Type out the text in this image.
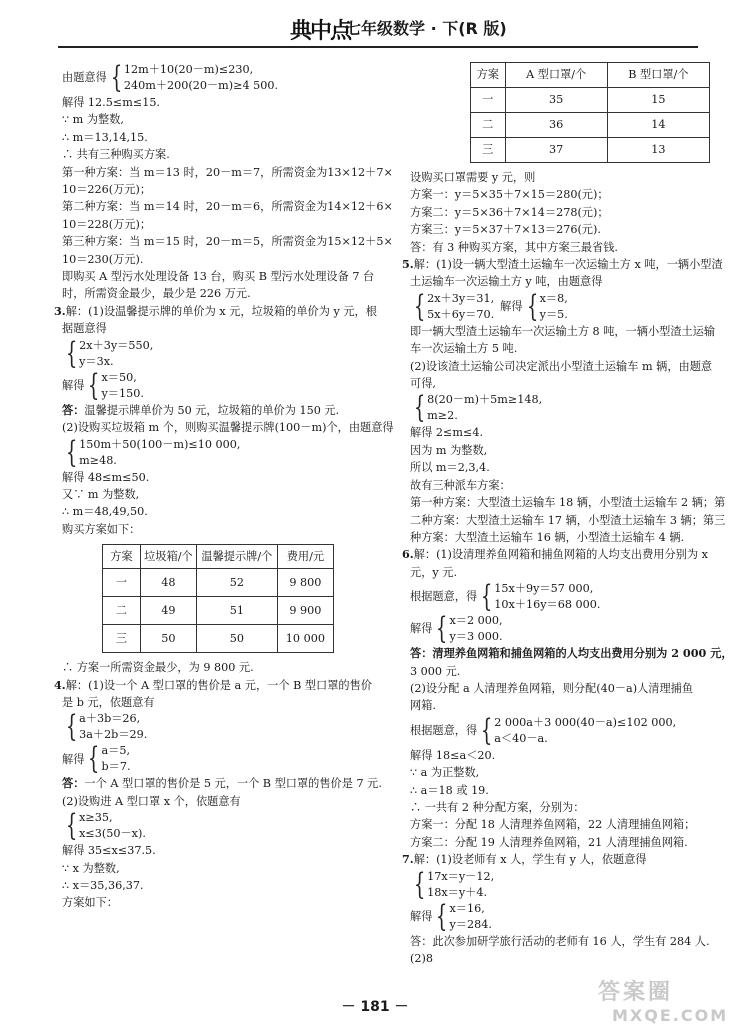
典中点
七年级数学 · 下(R 版)
由题意得 { 12m＋10(20－m)≤230,
240m＋200(20－m)≥4 500.
解得 12.5≤m≤15.
∵ m 为整数,
∴ m＝13,14,15.
∴ 共有三种购买方案.
第一种方案：当 m＝13 时，20－m＝7，所需资金为13×12＋7×
10＝226(万元)；
第二种方案：当 m＝14 时，20－m＝6，所需资金为14×12＋6×
10＝228(万元)；
第三种方案：当 m＝15 时，20－m＝5，所需资金为15×12＋5×
10＝230(万元).
即购买 A 型污水处理设备 13 台，购买 B 型污水处理设备 7 台
时，所需资金最少，最少是 226 万元.
3.解：(1)设温馨提示牌的单价为 x 元，垃圾箱的单价为 y 元，根
据题意得
{ 2x＋3y＝550,
y＝3x.
解得 { x＝50,
y＝150.
答：温馨提示牌单价为 50 元，垃圾箱的单价为 150 元.
(2)设购买垃圾箱 m 个，则购买温馨提示牌(100－m)个，由题意得
{ 150m＋50(100－m)≤10 000,
m≥48.
解得 48≤m≤50.
又∵ m 为整数,
∴ m＝48,49,50.
购买方案如下：
方案	垃圾箱/个	温馨提示牌/个	费用/元
一	48	52	9 800
二	49	51	9 900
三	50	50	10 000
∴ 方案一所需资金最少，为 9 800 元.
4.解：(1)设一个 A 型口罩的售价是 a 元，一个 B 型口罩的售价
是 b 元，依题意有
{ a＋3b＝26,
3a＋2b＝29.
解得 { a＝5,
b＝7.
答：一个 A 型口罩的售价是 5 元，一个 B 型口罩的售价是 7 元.
(2)设购进 A 型口罩 x 个，依题意有
{ x≥35,
x≤3(50－x).
解得 35≤x≤37.5.
∵ x 为整数,
∴ x＝35,36,37.
方案如下：
方案	A 型口罩/个	B 型口罩/个
一	35	15
二	36	14
三	37	13
设购买口罩需要 y 元，则
方案一：y＝5×35＋7×15＝280(元)；
方案二：y＝5×36＋7×14＝278(元)；
方案三：y＝5×37＋7×13＝276(元).
答：有 3 种购买方案，其中方案三最省钱.
5.解：(1)设一辆大型渣土运输车一次运输土方 x 吨，一辆小型渣
土运输车一次运输土方 y 吨，由题意得
{ 2x＋3y＝31,
5x＋6y＝70.
解得 { x＝8,
y＝5.
即一辆大型渣土运输车一次运输土方 8 吨，一辆小型渣土运输
车一次运输土方 5 吨.
(2)设该渣土运输公司决定派出小型渣土运输车 m 辆，由题意
可得,
{ 8(20－m)＋5m≥148,
m≥2.
解得 2≤m≤4.
因为 m 为整数,
所以 m＝2,3,4.
故有三种派车方案：
第一种方案：大型渣土运输车 18 辆，小型渣土运输车 2 辆；第
二种方案：大型渣土运输车 17 辆，小型渣土运输车 3 辆；第三
种方案：大型渣土运输车 16 辆，小型渣土运输车 4 辆.
6.解：(1)设清理养鱼网箱和捕鱼网箱的人均支出费用分别为 x
元，y 元.
根据题意，得 { 15x＋9y＝57 000,
10x＋16y＝68 000.
解得 { x＝2 000,
y＝3 000.
答：清理养鱼网箱和捕鱼网箱的人均支出费用分别为 2 000 元，
3 000 元.
(2)设分配 a 人清理养鱼网箱，则分配(40－a)人清理捕鱼
网箱.
根据题意，得 { 2 000a＋3 000(40－a)≤102 000,
a＜40－a.
解得 18≤a＜20.
∵ a 为正整数,
∴ a＝18 或 19.
∴ 一共有 2 种分配方案，分别为：
方案一：分配 18 人清理养鱼网箱，22 人清理捕鱼网箱；
方案二：分配 19 人清理养鱼网箱，21 人清理捕鱼网箱.
7.解：(1)设老师有 x 人，学生有 y 人，依题意得
{ 17x＝y－12,
18x＝y＋4.
解得 { x＝16,
y＝284.
答：此次参加研学旅行活动的老师有 16 人，学生有 284 人.
(2)8
－ 181 －
答案圈
MXQE.COM
